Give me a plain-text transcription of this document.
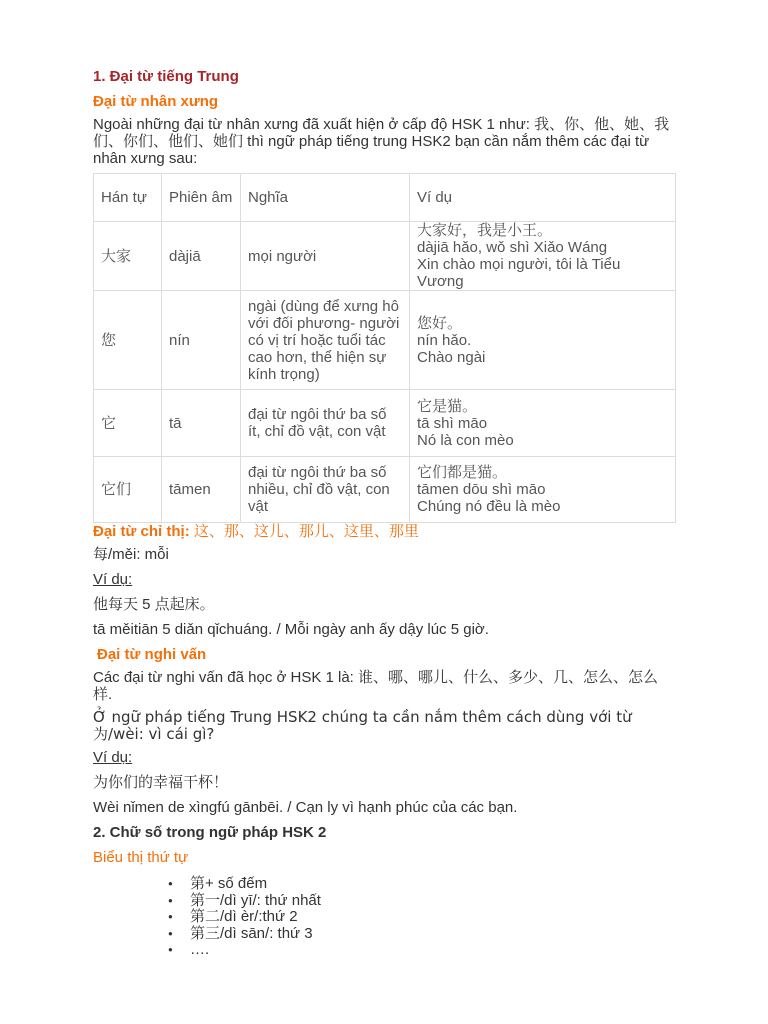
1. Đại từ tiếng Trung
Đại từ nhân xưng

Ngoài những đại từ nhân xưng đã xuất hiện ở cấp độ HSK 1 như: 我、你、他、她、我们、你们、他们、她们 thì ngữ pháp tiếng trung HSK2 bạn cần nắm thêm các đại từ nhân xưng sau:

Hán tự	Phiên âm	Nghĩa	Ví dụ
大家	dàjiā	mọi người	大家好，我是小王。
dàjiā hǎo, wǒ shì Xiǎo Wáng
Xin chào mọi người, tôi là Tiểu Vương

您	nín	ngài (dùng để xưng hô với đối phương- người có vị trí hoặc tuổi tác cao hơn, thể hiện sự kính trọng)	您好。
nín hǎo.
Chào ngài

它	tā	đại từ ngôi thứ ba số ít, chỉ đồ vật, con vật	它是猫。
tā shì māo
Nó là con mèo

它们	tāmen	đại từ ngôi thứ ba số nhiều, chỉ đồ vật, con vật	它们都是猫。
tāmen dōu shì māo
Chúng nó đều là mèo
Đại từ chỉ thị: 这、那、这儿、那儿、这里、那里

每/měi: mỗi

Ví dụ:

他每天 5 点起床。

tā měitiān 5 diǎn qǐchuáng. / Mỗi ngày anh ấy dậy lúc 5 giờ.

Đại từ nghi vấn

Các đại từ nghi vấn đã học ở HSK 1 là: 谁、哪、哪儿、什么、多少、几、怎么、怎么样.

Ở ngữ pháp tiếng Trung HSK2 chúng ta cần nắm thêm cách dùng với từ 为/wèi: vì cái gì?

Ví dụ:

为你们的幸福干杯！

Wèi nǐmen de xìngfú gānbēi. / Cạn ly vì hạnh phúc của các bạn.

2. Chữ số trong ngữ pháp HSK 2
Biểu thị thứ tự
● 第+ số đếm
● 第一/dì yī/: thứ nhất
● 第二/dì èr/:thứ 2
● 第三/dì sān/: thứ 3
● ….
